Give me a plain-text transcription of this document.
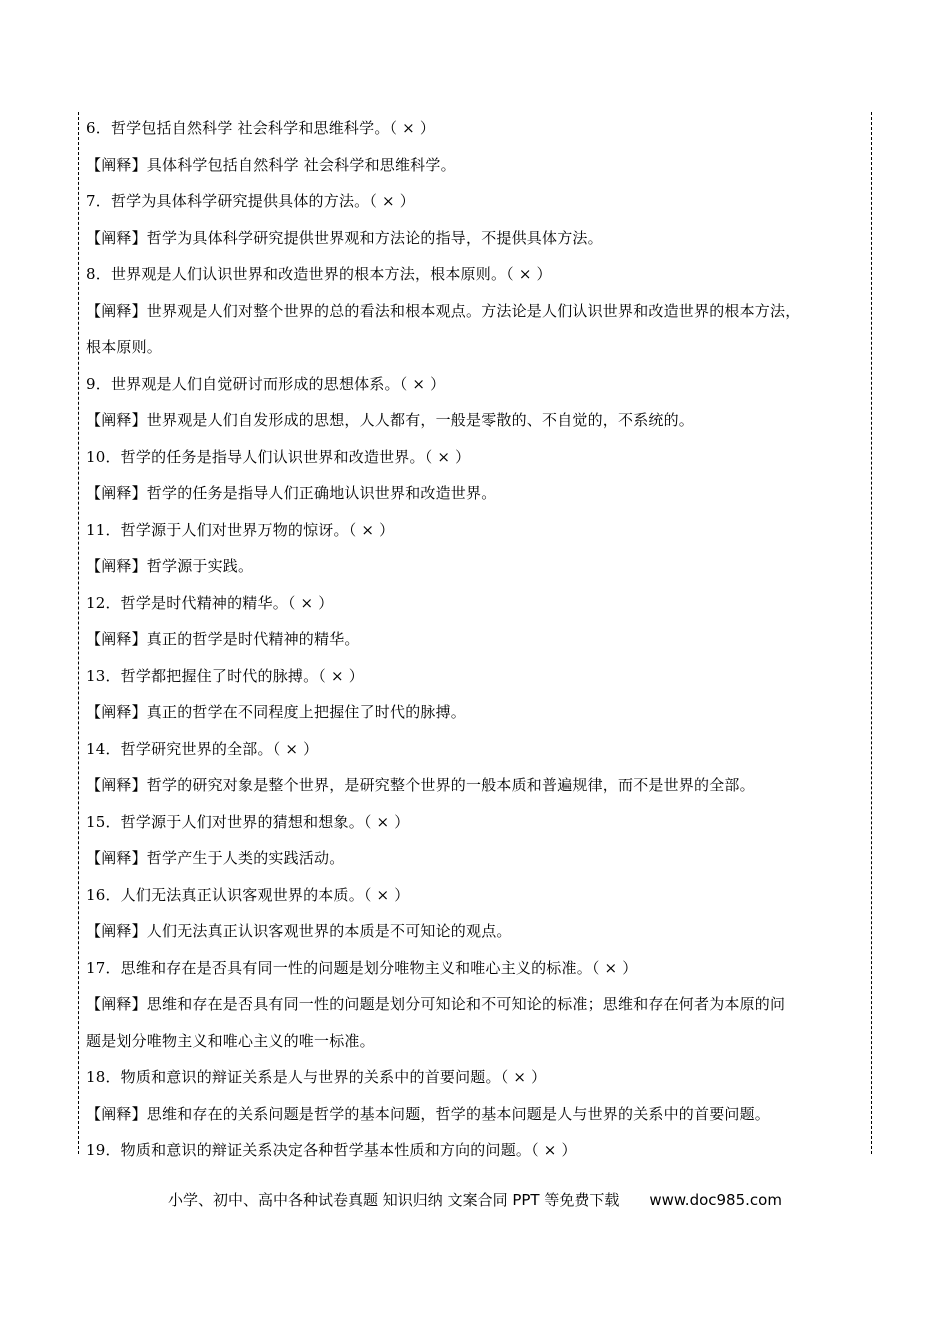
6．哲学包括自然科学 社会科学和思维科学。（ × ）
【阐释】具体科学包括自然科学 社会科学和思维科学。
7．哲学为具体科学研究提供具体的方法。（ × ）
【阐释】哲学为具体科学研究提供世界观和方法论的指导，不提供具体方法。
8．世界观是人们认识世界和改造世界的根本方法，根本原则。（ × ）
【阐释】世界观是人们对整个世界的总的看法和根本观点。方法论是人们认识世界和改造世界的根本方法，
根本原则。
9．世界观是人们自觉研讨而形成的思想体系。（ × ）
【阐释】世界观是人们自发形成的思想，人人都有，一般是零散的、不自觉的，不系统的。
10．哲学的任务是指导人们认识世界和改造世界。（ × ）
【阐释】哲学的任务是指导人们正确地认识世界和改造世界。
11．哲学源于人们对世界万物的惊讶。（ × ）
【阐释】哲学源于实践。
12．哲学是时代精神的精华。（ × ）
【阐释】真正的哲学是时代精神的精华。
13．哲学都把握住了时代的脉搏。（ × ）
【阐释】真正的哲学在不同程度上把握住了时代的脉搏。
14．哲学研究世界的全部。（ × ）
【阐释】哲学的研究对象是整个世界，是研究整个世界的一般本质和普遍规律，而不是世界的全部。
15．哲学源于人们对世界的猜想和想象。（ × ）
【阐释】哲学产生于人类的实践活动。
16．人们无法真正认识客观世界的本质。（ × ）
【阐释】人们无法真正认识客观世界的本质是不可知论的观点。
17．思维和存在是否具有同一性的问题是划分唯物主义和唯心主义的标准。（ × ）
【阐释】思维和存在是否具有同一性的问题是划分可知论和不可知论的标准；思维和存在何者为本原的问
题是划分唯物主义和唯心主义的唯一标准。
18．物质和意识的辩证关系是人与世界的关系中的首要问题。（ × ）
【阐释】思维和存在的关系问题是哲学的基本问题，哲学的基本问题是人与世界的关系中的首要问题。
19．物质和意识的辩证关系决定各种哲学基本性质和方向的问题。（ × ）
小学、初中、高中各种试卷真题 知识归纳 文案合同 PPT 等免费下载 www.doc985.com
